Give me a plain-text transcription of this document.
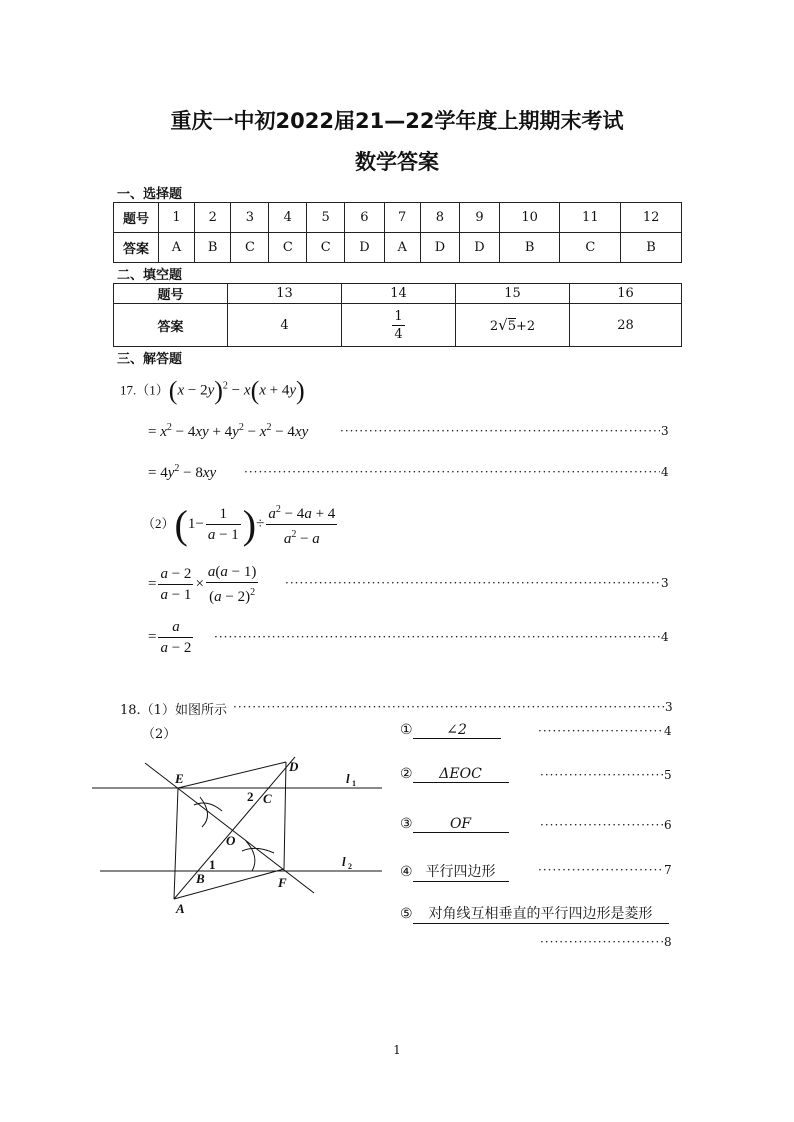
重庆一中初2022届21—22学年度上期期末考试
数学答案
一、选择题
题号	1	2	3	4	5	6	7	8	9	10	11	12
答案	A	B	C	C	C	D	A	D	D	B	C	B
二、填空题
题号	13	14	15	16
答案	4	$\frac{1}{4}$	2√5+2	28
三、解答题
$17.(1)(x - 2y)^2 - x(x + 4y)$
= $x^2 - 4xy + 4y^2 - x^2 - 4xy$ ·····	3
= $4y^2 - 8xy$ ·····	4
$(2)(1- \frac{1}{a - 1}$ )÷ $\frac{a^2 - 4a + 4}{a^2 - a}$
= $\frac{a - 2}{a - 1} \times \frac{a(a - 1)}{(a - 2)^2}$ ·····	3
= $\frac{a}{a - 2}$ ·····	4
18.（1）如图所示 ·····	3
（2）
E
D
C
O
B	F
A
2
1
l 1
l 2
① ∠2 ·····	4
② ΔEOC ·····	5
③	OF ·····	6
④ 平行四边形 ·····	7
⑤ 对角线互相垂直的平行四边形是菱形
·····
8
1
